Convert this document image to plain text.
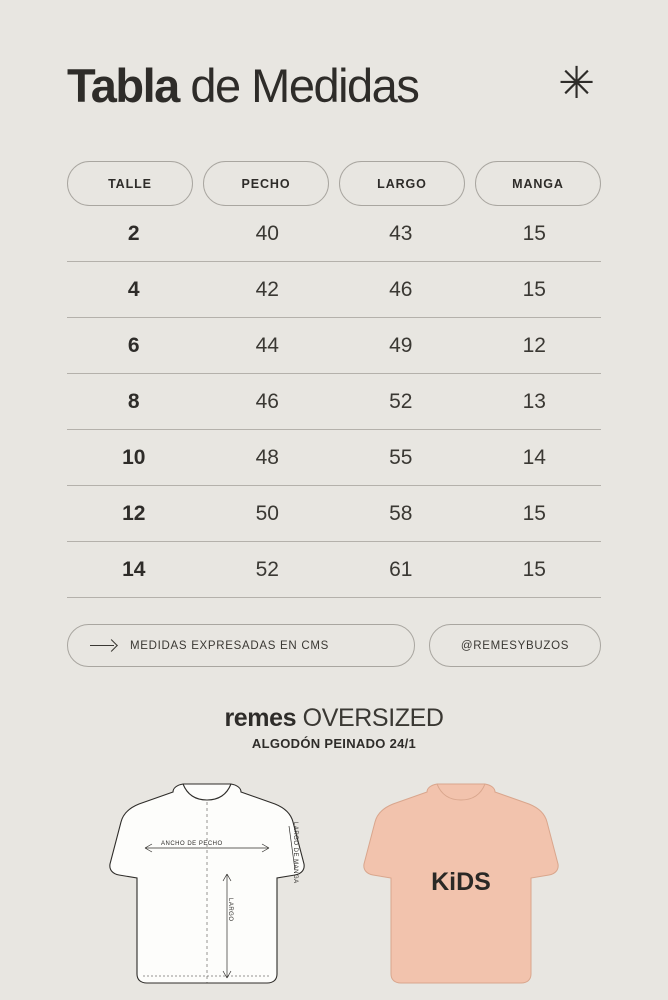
Tabla de Medidas	✳
TALLE	PECHO	LARGO	MANGA
2	40	43	15
4	42	46	15
6	44	49	12
8	46	52	13
10	48	55	14
12	50	58	15
14	52	61	15
MEDIDAS EXPRESADAS EN CMS	@REMESYBUZOS
remes OVERSIZED
ALGODÓN PEINADO 24/1
ANCHO DE PECHO	LARGO DE MANGA
LARGO
KiDS
